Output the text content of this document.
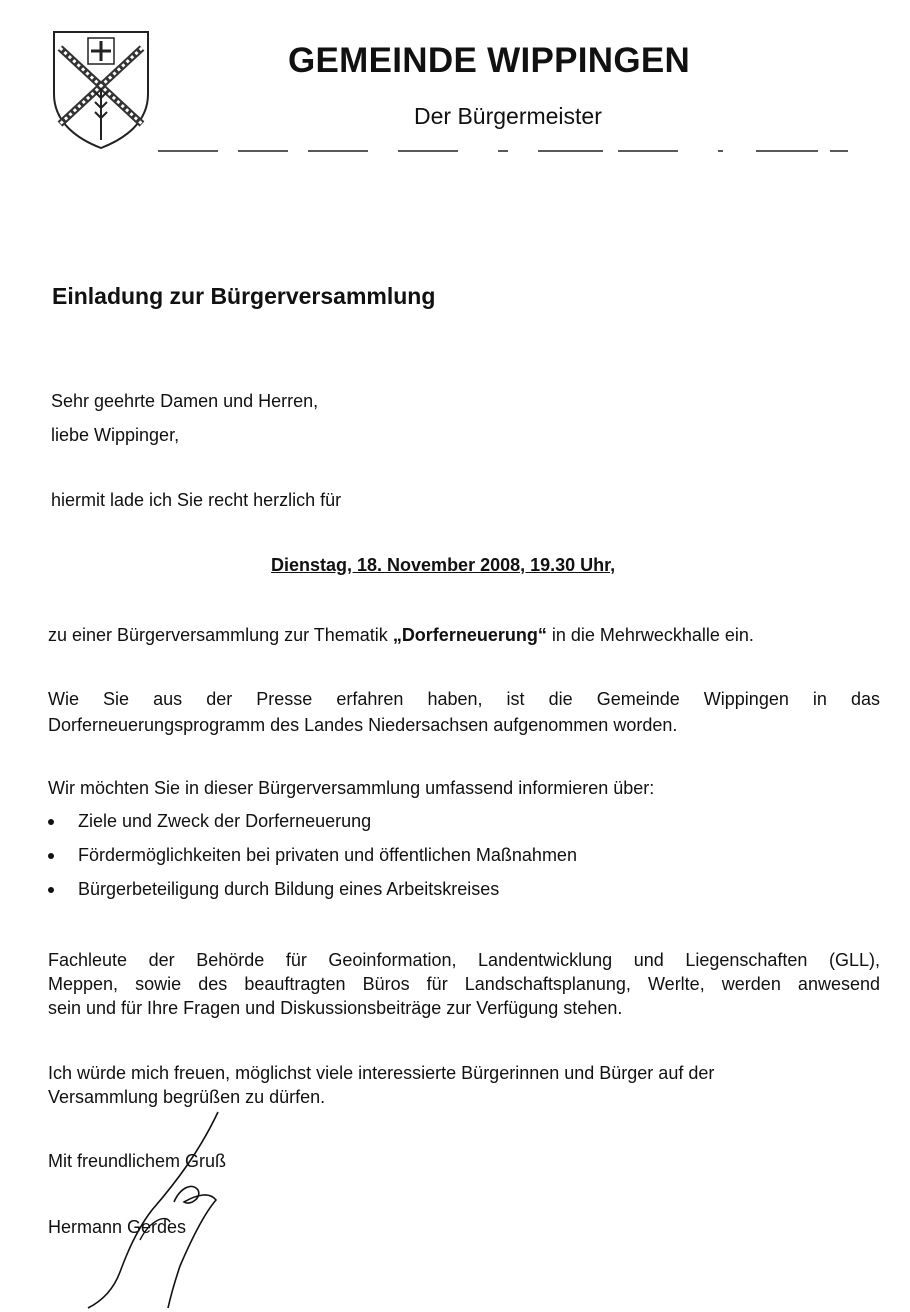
GEMEINDE WIPPINGEN

Der Bürgermeister

Einladung zur Bürgerversammlung

Sehr geehrte Damen und Herren,

liebe Wippinger,

hiermit lade ich Sie recht herzlich für

Dienstag, 18. November 2008, 19.30 Uhr,

zu einer Bürgerversammlung zur Thematik „Dorferneuerung“ in die Mehrweckhalle ein.

Wie Sie aus der Presse erfahren haben, ist die Gemeinde Wippingen in das

Dorferneuerungsprogramm des Landes Niedersachsen aufgenommen worden.

Wir möchten Sie in dieser Bürgerversammlung umfassend informieren über:

Ziele und Zweck der Dorferneuerung
Fördermöglichkeiten bei privaten und öffentlichen Maßnahmen
Bürgerbeteiligung durch Bildung eines Arbeitskreises

Fachleute der Behörde für Geoinformation, Landentwicklung und Liegenschaften (GLL),

Meppen, sowie des beauftragten Büros für Landschaftsplanung, Werlte, werden anwesend

sein und für Ihre Fragen und Diskussionsbeiträge zur Verfügung stehen.

Ich würde mich freuen, möglichst viele interessierte Bürgerinnen und Bürger auf der

Versammlung begrüßen zu dürfen.

Mit freundlichem Gruß

Hermann Gerdes
